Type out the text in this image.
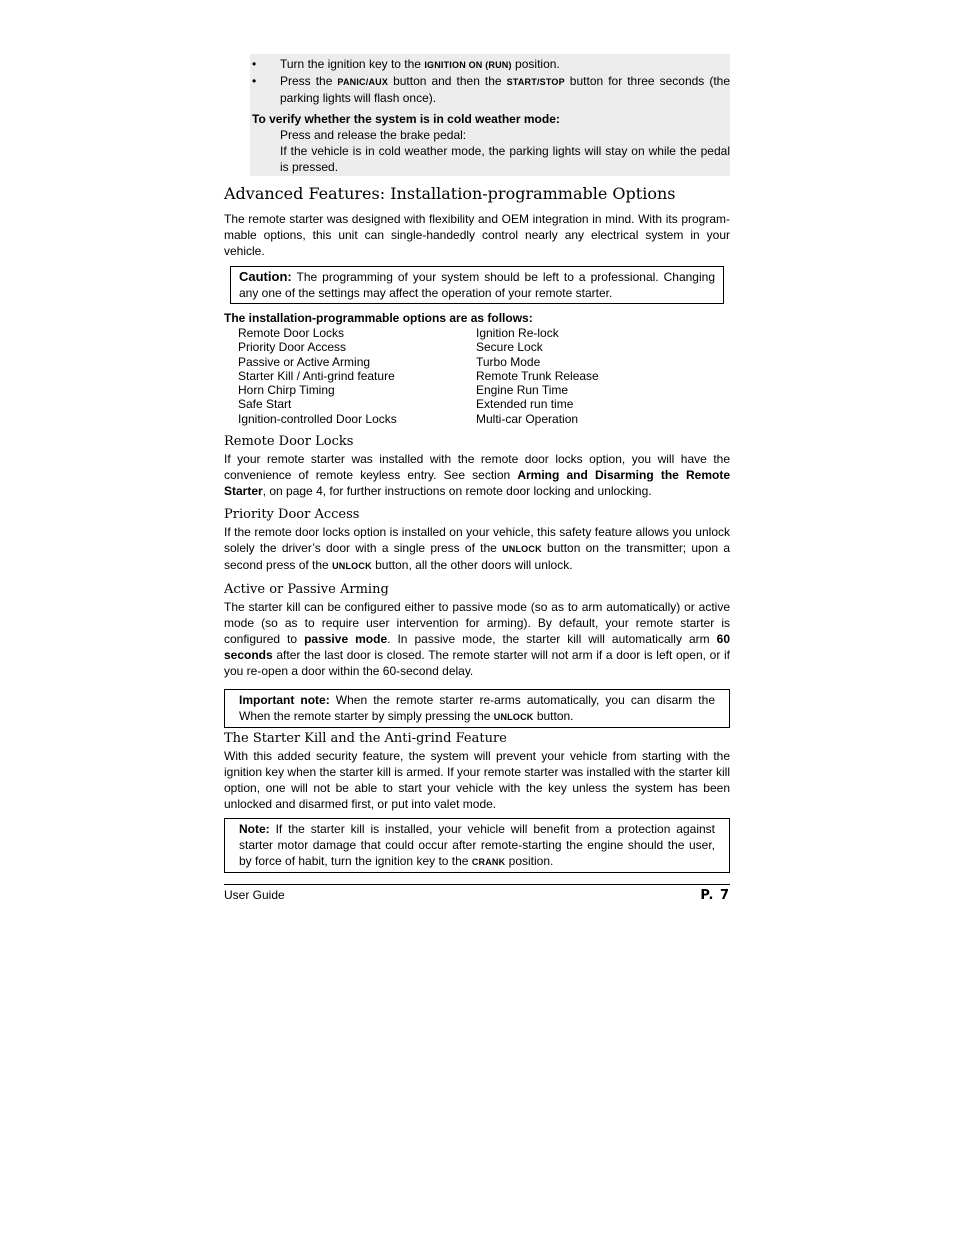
•	Turn the ignition key to the IGNITION ON (RUN) position.
•	Press the PANIC/AUX button and then the START/STOP button for three seconds (the parking lights will flash once).
To verify whether the system is in cold weather mode:
Press and release the brake pedal:
If the vehicle is in cold weather mode, the parking lights will stay on while the pedal is pressed.
Advanced Features: Installation-programmable Options

The remote starter was designed with flexibility and OEM integration in mind. With its program-mable options, this unit can single-handedly control nearly any electrical system in your vehicle.

Caution: The programming of your system should be left to a professional. Changing any one of the settings may affect the operation of your remote starter.
The installation-programmable options are as follows:
Remote Door Locks	Ignition Re-lock
Priority Door Access	Secure Lock
Passive or Active Arming	Turbo Mode
Starter Kill / Anti-grind feature	Remote Trunk Release
Horn Chirp Timing	Engine Run Time
Safe Start	Extended run time
Ignition-controlled Door Locks	Multi-car Operation
Remote Door Locks

If your remote starter was installed with the remote door locks option, you will have the convenience of remote keyless entry. See section Arming and Disarming the Remote Starter, on page 4, for further instructions on remote door locking and unlocking.

Priority Door Access

If the remote door locks option is installed on your vehicle, this safety feature allows you unlock solely the driver’s door with a single press of the UNLOCK button on the transmitter; upon a second press of the UNLOCK button, all the other doors will unlock.

Active or Passive Arming

The starter kill can be configured either to passive mode (so as to arm automatically) or active mode (so as to require user intervention for arming). By default, your remote starter is configured to passive mode. In passive mode, the starter kill will automatically arm 60 seconds after the last door is closed. The remote starter will not arm if a door is left open, or if you re-open a door within the 60-second delay.

Important note: When the remote starter re-arms automatically, you can disarm the When the remote starter by simply pressing the UNLOCK button.
The Starter Kill and the Anti-grind Feature

With this added security feature, the system will prevent your vehicle from starting with the ignition key when the starter kill is armed. If your remote starter was installed with the starter kill option, one will not be able to start your vehicle with the key unless the system has been unlocked and disarmed first, or put into valet mode.

Note: If the starter kill is installed, your vehicle will benefit from a protection against starter motor damage that could occur after remote-starting the engine should the user, by force of habit, turn the ignition key to the CRANK position.
User Guide	P. 7
